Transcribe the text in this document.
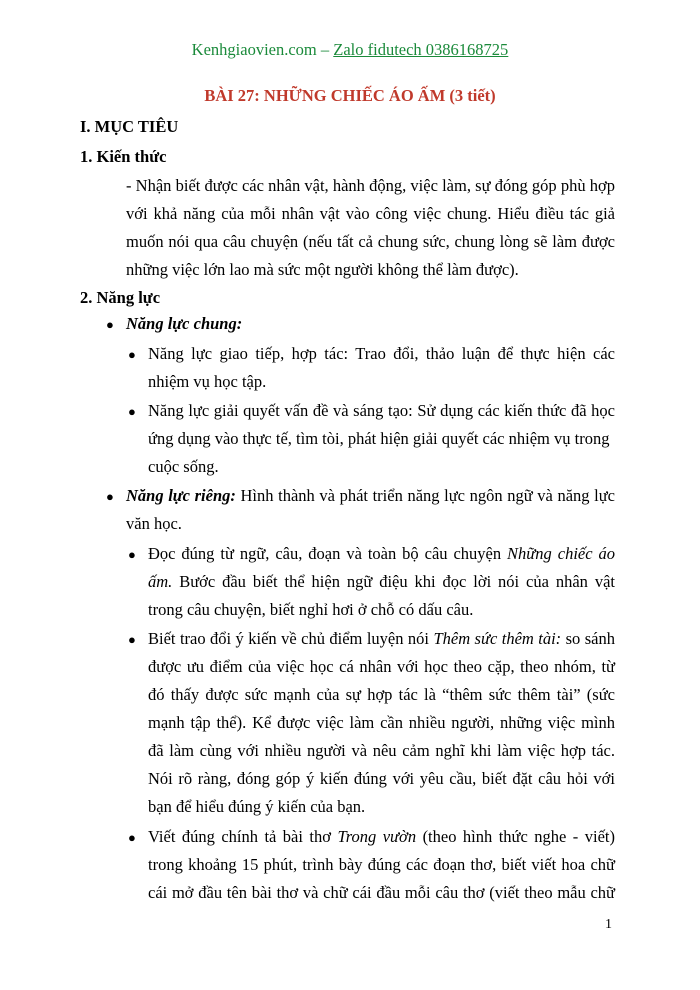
Kenhgiaovien.com – Zalo fidutech 0386168725
BÀI 27: NHỮNG CHIẾC ÁO ẤM (3 tiết)
I. MỤC TIÊU
1. Kiến thức
- Nhận biết được các nhân vật, hành động, việc làm, sự đóng góp phù hợp
với khả năng của mỗi nhân vật vào công việc chung. Hiểu điều tác giả
muốn nói qua câu chuyện (nếu tất cả chung sức, chung lòng sẽ làm được
những việc lớn lao mà sức một người không thể làm được).
2. Năng lực
● Năng lực chung:
● Năng lực giao tiếp, hợp tác: Trao đổi, thảo luận để thực hiện các
nhiệm vụ học tập.
● Năng lực giải quyết vấn đề và sáng tạo: Sử dụng các kiến thức đã học
ứng dụng vào thực tế, tìm tòi, phát hiện giải quyết các nhiệm vụ trong
cuộc sống.
● Năng lực riêng: Hình thành và phát triển năng lực ngôn ngữ và năng lực
văn học.
● Đọc đúng từ ngữ, câu, đoạn và toàn bộ câu chuyện Những chiếc áo
ấm. Bước đầu biết thể hiện ngữ điệu khi đọc lời nói của nhân vật
trong câu chuyện, biết nghỉ hơi ở chỗ có dấu câu.
● Biết trao đổi ý kiến về chủ điểm luyện nói Thêm sức thêm tài: so sánh
được ưu điểm của việc học cá nhân với học theo cặp, theo nhóm, từ
đó thấy được sức mạnh của sự hợp tác là “thêm sức thêm tài” (sức
mạnh tập thể). Kể được việc làm cần nhiều người, những việc mình
đã làm cùng với nhiều người và nêu cảm nghĩ khi làm việc hợp tác.
Nói rõ ràng, đóng góp ý kiến đúng với yêu cầu, biết đặt câu hỏi với
bạn để hiểu đúng ý kiến của bạn.
● Viết đúng chính tả bài thơ Trong vườn (theo hình thức nghe - viết)
trong khoảng 15 phút, trình bày đúng các đoạn thơ, biết viết hoa chữ
cái mở đầu tên bài thơ và chữ cái đầu mỗi câu thơ (viết theo mẫu chữ
1
